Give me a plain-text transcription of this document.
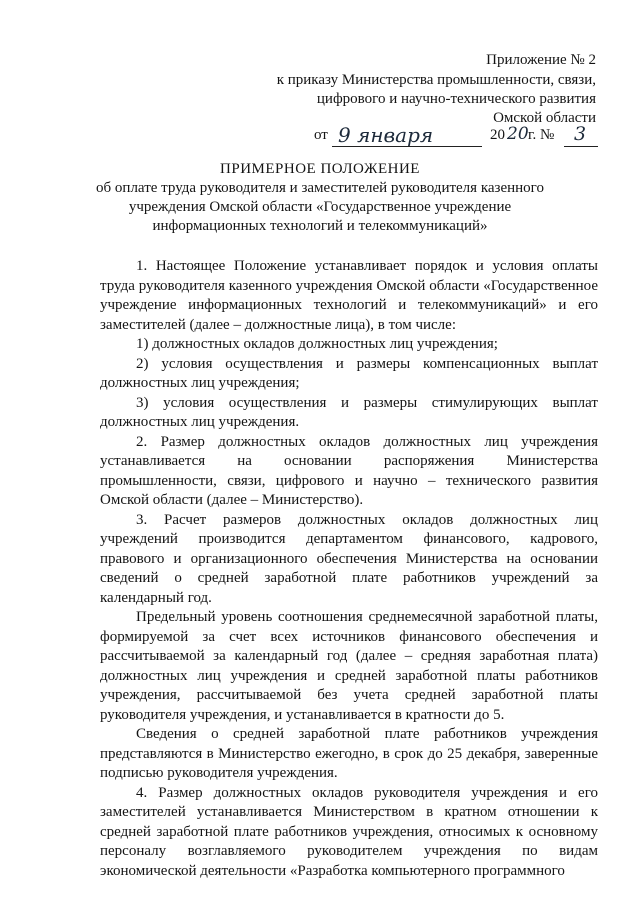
Приложение № 2
к приказу Министерства промышленности, связи,
цифрового и научно-технического развития
Омской области
от 9 января	20 20 г. № 3
ПРИМЕРНОЕ ПОЛОЖЕНИЕ
об оплате труда руководителя и заместителей руководителя казенного
учреждения Омской области «Государственное учреждение
информационных технологий и телекоммуникаций»

1. Настоящее Положение устанавливает порядок и условия оплаты труда руководителя казенного учреждения Омской области «Государственное учреждение информационных технологий и телекоммуникаций» и его заместителей (далее – должностные лица), в том числе:

1) должностных окладов должностных лиц учреждения;

2) условия осуществления и размеры компенсационных выплат должностных лиц учреждения;

3) условия осуществления и размеры стимулирующих выплат должностных лиц учреждения.

2. Размер должностных окладов должностных лиц учреждения устанавливается на основании распоряжения Министерства промышленности, связи, цифрового и научно – технического развития Омской области (далее – Министерство).

3. Расчет размеров должностных окладов должностных лиц учреждений производится департаментом финансового, кадрового, правового и организационного обеспечения Министерства на основании сведений о средней заработной плате работников учреждений за календарный год.

Предельный уровень соотношения среднемесячной заработной платы, формируемой за счет всех источников финансового обеспечения и рассчитываемой за календарный год (далее – средняя заработная плата) должностных лиц учреждения и средней заработной платы работников учреждения, рассчитываемой без учета средней заработной платы руководителя учреждения, и устанавливается в кратности до 5.

Сведения о средней заработной плате работников учреждения представляются в Министерство ежегодно, в срок до 25 декабря, заверенные подписью руководителя учреждения.

4. Размер должностных окладов руководителя учреждения и его заместителей устанавливается Министерством в кратном отношении к средней заработной плате работников учреждения, относимых к основному персоналу возглавляемого руководителем учреждения по видам экономической деятельности «Разработка компьютерного программного
